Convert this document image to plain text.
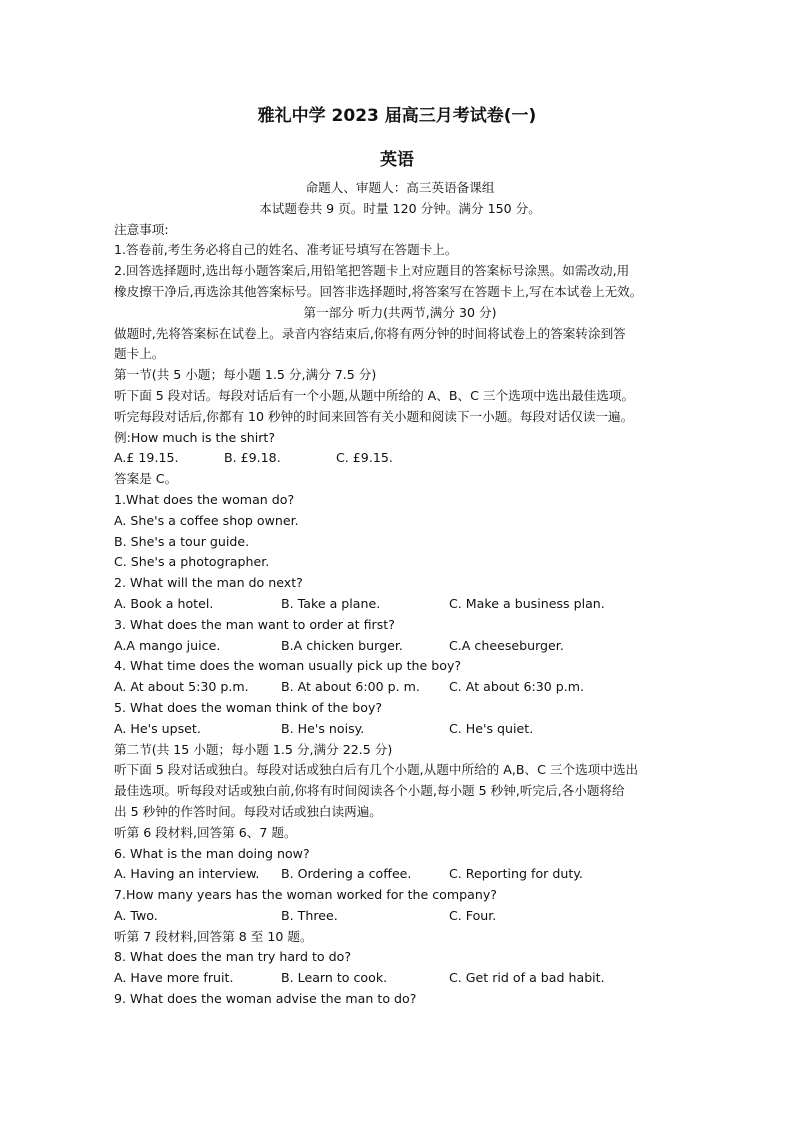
雅礼中学 2023 届高三月考试卷(一)
英语
命题人、审题人：高三英语备课组
本试题卷共 9 页。时量 120 分钟。满分 150 分。
注意事项:
1.答卷前,考生务必将自己的姓名、准考证号填写在答题卡上。
2.回答选择题时,选出每小题答案后,用铅笔把答题卡上对应题目的答案标号涂黑。如需改动,用
橡皮擦干净后,再选涂其他答案标号。回答非选择题时,将答案写在答题卡上,写在本试卷上无效。
第一部分 听力(共两节,满分 30 分)
做题时,先将答案标在试卷上。录音内容结束后,你将有两分钟的时间将试卷上的答案转涂到答
题卡上。
第一节(共 5 小题；每小题 1.5 分,满分 7.5 分)
听下面 5 段对话。每段对话后有一个小题,从题中所给的 A、B、C 三个选项中选出最佳选项。
听完每段对话后,你都有 10 秒钟的时间来回答有关小题和阅读下一小题。每段对话仅读一遍。
例:How much is the shirt?
A.£ 19.15.	B. £9.18.	C. £9.15.
答案是 C。
1.What does the woman do?
A. She's a coffee shop owner.
B. She's a tour guide.
C. She's a photographer.
2. What will the man do next?
A. Book a hotel.	B. Take a plane.	C. Make a business plan.
3. What does the man want to order at first?
A.A mango juice.	B.A chicken burger.	C.A cheeseburger.
4. What time does the woman usually pick up the boy?
A. At about 5:30 p.m.	B. At about 6:00 p. m.	C. At about 6:30 p.m.
5. What does the woman think of the boy?
A. He's upset.	B. He's noisy.	C. He's quiet.
第二节(共 15 小题；每小题 1.5 分,满分 22.5 分)
听下面 5 段对话或独白。每段对话或独白后有几个小题,从题中所给的 A,B、C 三个选项中选出
最佳选项。听每段对话或独白前,你将有时间阅读各个小题,每小题 5 秒钟,听完后,各小题将给
出 5 秒钟的作答时间。每段对话或独白读两遍。
听第 6 段材料,回答第 6、7 题。
6. What is the man doing now?
A. Having an interview.	B. Ordering a coffee.	C. Reporting for duty.
7.How many years has the woman worked for the company?
A. Two.	B. Three.	C. Four.
听第 7 段材料,回答第 8 至 10 题。
8. What does the man try hard to do?
A. Have more fruit.	B. Learn to cook.	C. Get rid of a bad habit.
9. What does the woman advise the man to do?
